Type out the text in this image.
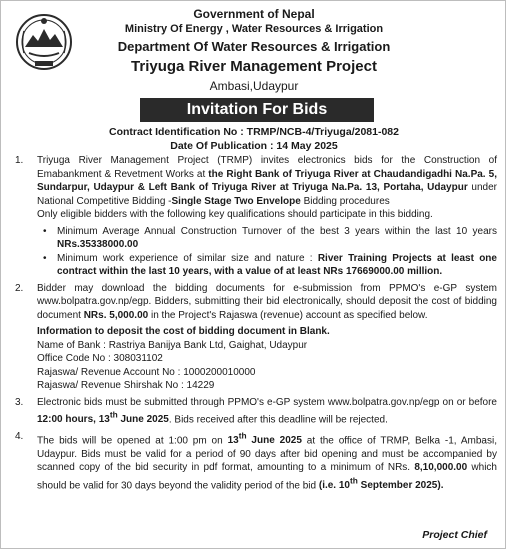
Government of Nepal
Ministry Of Energy , Water Resources & Irrigation
Department Of Water Resources & Irrigation
Triyuga River Management Project
Ambasi,Udaypur
Invitation For Bids
Contract Identification No : TRMP/NCB-4/Triyuga/2081-082
Date Of Publication : 14 May 2025
1. Triyuga River Management Project (TRMP) invites electronics bids for the Construction of Emabankment & Revetment Works at the Right Bank of Triyuga River at Chaudandigadhi Na.Pa. 5, Sundarpur, Udaypur & Left Bank of Triyuga River at Triyuga Na.Pa. 13, Portaha, Udaypur under National Competitive Bidding -Single Stage Two Envelope Bidding procedures
Only eligible bidders with the following key qualifications should participate in this bidding.
• Minimum Average Annual Construction Turnover of the best 3 years within the last 10 years NRs.35338000.00
• Minimum work experience of similar size and nature : River Training Projects at least one contract within the last 10 years, with a value of at least NRs 17669000.00 million.
2. Bidder may download the bidding documents for e-submission from PPMO's e-GP system www.bolpatra.gov.np/egp. Bidders, submitting their bid electronically, should deposit the cost of bidding document NRs. 5,000.00 in the Project's Rajaswa (revenue) account as specified below.
Information to deposit the cost of bidding document in Blank.
Name of Bank : Rastriya Banijya Bank Ltd, Gaighat, Udaypur
Office Code No : 308031102
Rajaswa/ Revenue Account No : 1000200010000
Rajaswa/ Revenue Shirshak No : 14229
3. Electronic bids must be submitted through PPMO's e-GP system www.bolpatra.gov.np/egp on or before 12:00 hours, 13th June 2025. Bids received after this deadline will be rejected.
4. The bids will be opened at 1:00 pm on 13th June 2025 at the office of TRMP, Belka -1, Ambasi, Udaypur. Bids must be valid for a period of 90 days after bid opening and must be accompanied by scanned copy of the bid security in pdf format, amounting to a minimum of NRs. 8,10,000.00 which should be valid for 30 days beyond the validity period of the bid (i.e. 10th September 2025).
Project Chief
